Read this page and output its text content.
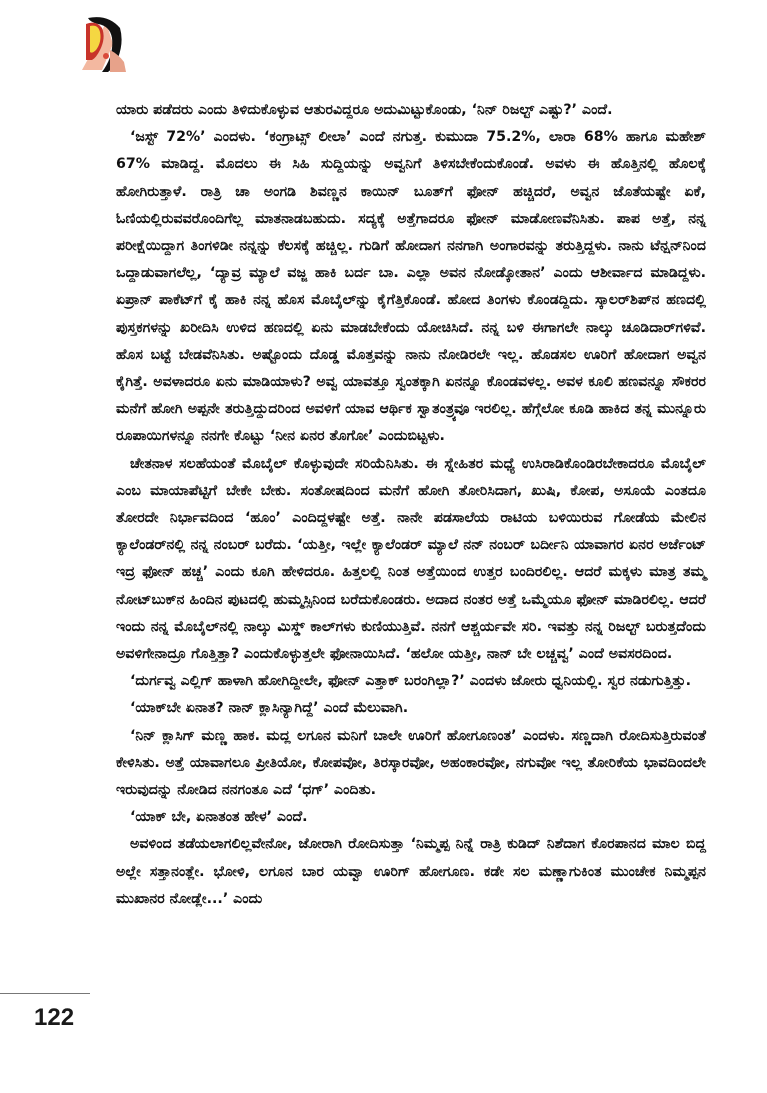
ಯಾರು ಪಡೆದರು ಎಂದು ತಿಳಿದುಕೊಳ್ಳುವ ಆತುರವಿದ್ದರೂ ಅದುಮಿಟ್ಟುಕೊಂಡು, ‘ನಿನ್ ರಿಜಲ್ಟ್ ಎಷ್ಟು?’ ಎಂದೆ.

‘ಜಸ್ಟ್ 72%’ ಎಂದಳು. ‘ಕಂಗ್ರಾಟ್ಸ್ ಲೀಲಾ’ ಎಂದೆ ನಗುತ್ತ. ಕುಮುದಾ 75.2%, ಲಾರಾ 68% ಹಾಗೂ ಮಹೇಶ್ 67% ಮಾಡಿದ್ದ. ಮೊದಲು ಈ ಸಿಹಿ ಸುದ್ದಿಯನ್ನು ಅವ್ವನಿಗೆ ತಿಳಿಸಬೇಕೆಂದುಕೊಂಡೆ. ಅವಳು ಈ ಹೊತ್ತಿನಲ್ಲಿ ಹೊಲಕ್ಕೆ ಹೋಗಿರುತ್ತಾಳೆ. ರಾತ್ರಿ ಚಾ ಅಂಗಡಿ ಶಿವಣ್ಣನ ಕಾಯಿನ್ ಬೂತ್‌ಗೆ ಫೋನ್ ಹಚ್ಚಿದರೆ, ಅವ್ವನ ಜೊತೆಯಷ್ಟೇ ಏಕೆ, ಓಣಿಯಲ್ಲಿರುವವರೊಂದಿಗೆಲ್ಲ ಮಾತನಾಡಬಹುದು. ಸದ್ಯಕ್ಕೆ ಅತ್ತೆಗಾದರೂ ಫೋನ್ ಮಾಡೋಣವೆನಿಸಿತು. ಪಾಪ ಅತ್ತೆ, ನನ್ನ ಪರೀಕ್ಷೆಯಿದ್ದಾಗ ತಿಂಗಳಿಡೀ ನನ್ನನ್ನು ಕೆಲಸಕ್ಕೆ ಹಚ್ಚಿಲ್ಲ. ಗುಡಿಗೆ ಹೋದಾಗ ನನಗಾಗಿ ಅಂಗಾರವನ್ನು ತರುತ್ತಿದ್ದಳು. ನಾನು ಟೆನ್ಷನ್‌ನಿಂದ ಒದ್ದಾಡುವಾಗಲೆಲ್ಲ, ‘ದ್ಯಾವ್ರ ಮ್ಯಾಲೆ ವಜ್ಜ ಹಾಕಿ ಬರ್ದ ಬಾ. ಎಲ್ಲಾ ಅವನ ನೋಡ್ಕೋತಾನ’ ಎಂದು ಆಶೀರ್ವಾದ ಮಾಡಿದ್ದಳು. ಏಪ್ರಾನ್ ಪಾಕೆಟ್‌ಗೆ ಕೈ ಹಾಕಿ ನನ್ನ ಹೊಸ ಮೊಬೈಲ್‌ನ್ನು ಕೈಗೆತ್ತಿಕೊಂಡೆ. ಹೋದ ತಿಂಗಳು ಕೊಂಡದ್ದಿದು. ಸ್ಕಾಲರ್‌ಶಿಪ್‌ನ ಹಣದಲ್ಲಿ ಪುಸ್ತಕಗಳನ್ನು ಖರೀದಿಸಿ ಉಳಿದ ಹಣದಲ್ಲಿ ಏನು ಮಾಡಬೇಕೆಂದು ಯೋಚಿಸಿದೆ. ನನ್ನ ಬಳಿ ಈಗಾಗಲೇ ನಾಲ್ಕು ಚೂಡಿದಾರ್‌ಗಳಿವೆ. ಹೊಸ ಬಟ್ಟೆ ಬೇಡವೆನಿಸಿತು. ಅಷ್ಟೊಂದು ದೊಡ್ಡ ಮೊತ್ತವನ್ನು ನಾನು ನೋಡಿರಲೇ ಇಲ್ಲ. ಹೊಡಸಲ ಊರಿಗೆ ಹೋದಾಗ ಅವ್ವನ ಕೈಗಿತ್ತೆ. ಅವಳಾದರೂ ಏನು ಮಾಡಿಯಾಳು? ಅವ್ವ ಯಾವತ್ತೂ ಸ್ವಂತಕ್ಕಾಗಿ ಏನನ್ನೂ ಕೊಂಡವಳಲ್ಲ. ಅವಳ ಕೂಲಿ ಹಣವನ್ನೂ ಸೌಕರರ ಮನೆಗೆ ಹೋಗಿ ಅಪ್ಪನೇ ತರುತ್ತಿದ್ದುದರಿಂದ ಅವಳಿಗೆ ಯಾವ ಆರ್ಥಿಕ ಸ್ವಾತಂತ್ರ್ಯವೂ ಇರಲಿಲ್ಲ. ಹೆಗ್ಗೆಲೋ ಕೂಡಿ ಹಾಕಿದ ತನ್ನ ಮುನ್ನೂರು ರೂಪಾಯಿಗಳನ್ನೂ ನನಗೇ ಕೊಟ್ಟು ‘ನೀನ ಏನರ ತೊಗೋ’ ಎಂದುಬಿಟ್ಟಳು.

ಚೇತನಾಳ ಸಲಹೆಯಂತೆ ಮೊಬೈಲ್ ಕೊಳ್ಳುವುದೇ ಸರಿಯೆನಿಸಿತು. ಈ ಸ್ನೇಹಿತರ ಮಧ್ಯೆ ಉಸಿರಾಡಿಕೊಂಡಿರಬೇಕಾದರೂ ಮೊಬೈಲ್ ಎಂಬ ಮಾಯಾಪೆಟ್ಟಿಗೆ ಬೇಕೇ ಬೇಕು. ಸಂತೋಷದಿಂದ ಮನೆಗೆ ಹೋಗಿ ತೋರಿಸಿದಾಗ, ಖುಷಿ, ಕೋಪ, ಅಸೂಯೆ ಎಂತದೂ ತೋರದೇ ನಿರ್ಭಾವದಿಂದ ‘ಹೂಂ’ ಎಂದಿದ್ದಳಷ್ಟೇ ಅತ್ತೆ. ನಾನೇ ಪಡಸಾಲೆಯ ರಾಟಿಯ ಬಳಿಯಿರುವ ಗೋಡೆಯ ಮೇಲಿನ ಕ್ಯಾಲೆಂಡರ್‌ನಲ್ಲಿ ನನ್ನ ನಂಬರ್ ಬರೆದು. ‘ಯತ್ತೀ, ಇಲ್ಲೇ ಕ್ಯಾಲೆಂಡರ್ ಮ್ಯಾಲೆ ನನ್ ನಂಬರ್ ಬರ್ದೀನಿ ಯಾವಾಗರ ಏನರ ಅರ್ಜೆಂಟ್ ಇದ್ರ ಫೋನ್ ಹಚ್ಚ’ ಎಂದು ಕೂಗಿ ಹೇಳಿದರೂ. ಹಿತ್ತಲಲ್ಲಿ ನಿಂತ ಅತ್ತೆಯಿಂದ ಉತ್ತರ ಬಂದಿರಲಿಲ್ಲ. ಆದರೆ ಮಕ್ಕಳು ಮಾತ್ರ ತಮ್ಮ ನೋಟ್‌ಬುಕ್‌ನ ಹಿಂದಿನ ಪುಟದಲ್ಲಿ ಹುಮ್ಮಸ್ಸಿನಿಂದ ಬರೆದುಕೊಂಡರು. ಅದಾದ ನಂತರ ಅತ್ತೆ ಒಮ್ಮೆಯೂ ಫೋನ್ ಮಾಡಿರಲಿಲ್ಲ. ಆದರೆ ಇಂದು ನನ್ನ ಮೊಬೈಲ್‌ನಲ್ಲಿ ನಾಲ್ಕು ಮಿಸ್ಡ್ ಕಾಲ್‌ಗಳು ಕುಣಿಯುತ್ತಿವೆ. ನನಗೆ ಆಶ್ಚರ್ಯವೇ ಸರಿ. ಇವತ್ತು ನನ್ನ ರಿಜಲ್ಟ್ ಬರುತ್ತದೆಂದು ಅವಳಿಗೇನಾದ್ರೂ ಗೊತ್ತಿತ್ತಾ? ಎಂದುಕೊಳ್ಳುತ್ತಲೇ ಫೋನಾಯಿಸಿದೆ. ‘ಹಲೋ ಯತ್ತೀ, ನಾನ್ ಬೇ ಲಚ್ಚವ್ವ’ ಎಂದೆ ಅವಸರದಿಂದ.

‘ದುರ್ಗವ್ವ ಎಲ್ಲಿಗ್ ಹಾಳಾಗಿ ಹೋಗಿದ್ದೀಲೇ, ಫೋನ್ ಎತ್ತಾಕ್ ಬರಂಗಿಲ್ಲಾ?’ ಎಂದಳು ಜೋರು ಧ್ವನಿಯಲ್ಲಿ. ಸ್ವರ ನಡುಗುತ್ತಿತ್ತು.

‘ಯಾಕ್‌ಬೇ ಏನಾತ? ನಾನ್ ಕ್ಲಾಸಿನ್ಯಾಗಿದ್ದೆ’ ಎಂದೆ ಮೆಲುವಾಗಿ.

‘ನಿನ್ ಕ್ಲಾಸಿಗ್ ಮಣ್ಣ ಹಾಕ. ಮದ್ಲ ಲಗೂನ ಮನಿಗೆ ಬಾಲೇ ಊರಿಗೆ ಹೋಗೂಣಂತ’ ಎಂದಳು. ಸಣ್ಣದಾಗಿ ರೋದಿಸುತ್ತಿರುವಂತೆ ಕೇಳಿಸಿತು. ಅತ್ತೆ ಯಾವಾಗಲೂ ಪ್ರೀತಿಯೋ, ಕೋಪವೋ, ತಿರಸ್ಕಾರವೋ, ಅಹಂಕಾರವೋ, ನಗುವೋ ಇಲ್ಲ ತೋರಿಕೆಯ ಭಾವದಿಂದಲೇ ಇರುವುದನ್ನು ನೋಡಿದ ನನಗಂತೂ ಎದೆ ‘ಧಗ್’ ಎಂದಿತು.

‘ಯಾಕ್ ಬೇ, ಏನಾತಂತ ಹೇಳ’ ಎಂದೆ.

ಅವಳಿಂದ ತಡೆಯಲಾಗಲಿಲ್ಲವೇನೋ, ಜೋರಾಗಿ ರೋದಿಸುತ್ತಾ ‘ನಿಮ್ಮಪ್ಪ ನಿನ್ನೆ ರಾತ್ರಿ ಕುಡಿದ್ ನಿಶೆದಾಗ ಕೊರಪಾನದ ಮಾಲ ಬಿದ್ದ ಅಲ್ಲೇ ಸತ್ತಾನಂತ್ಲೇ. ಭೋಳಿ, ಲಗೂನ ಬಾರ ಯವ್ವಾ ಊರಿಗ್ ಹೋಗೂಣ. ಕಡೇ ಸಲ ಮಣ್ಣಾಗುಕಿಂತ ಮುಂಚೇಕ ನಿಮ್ಮಪ್ಪನ ಮುಖಾನರ ನೋಡ್ಲೇ...’ ಎಂದು

122
